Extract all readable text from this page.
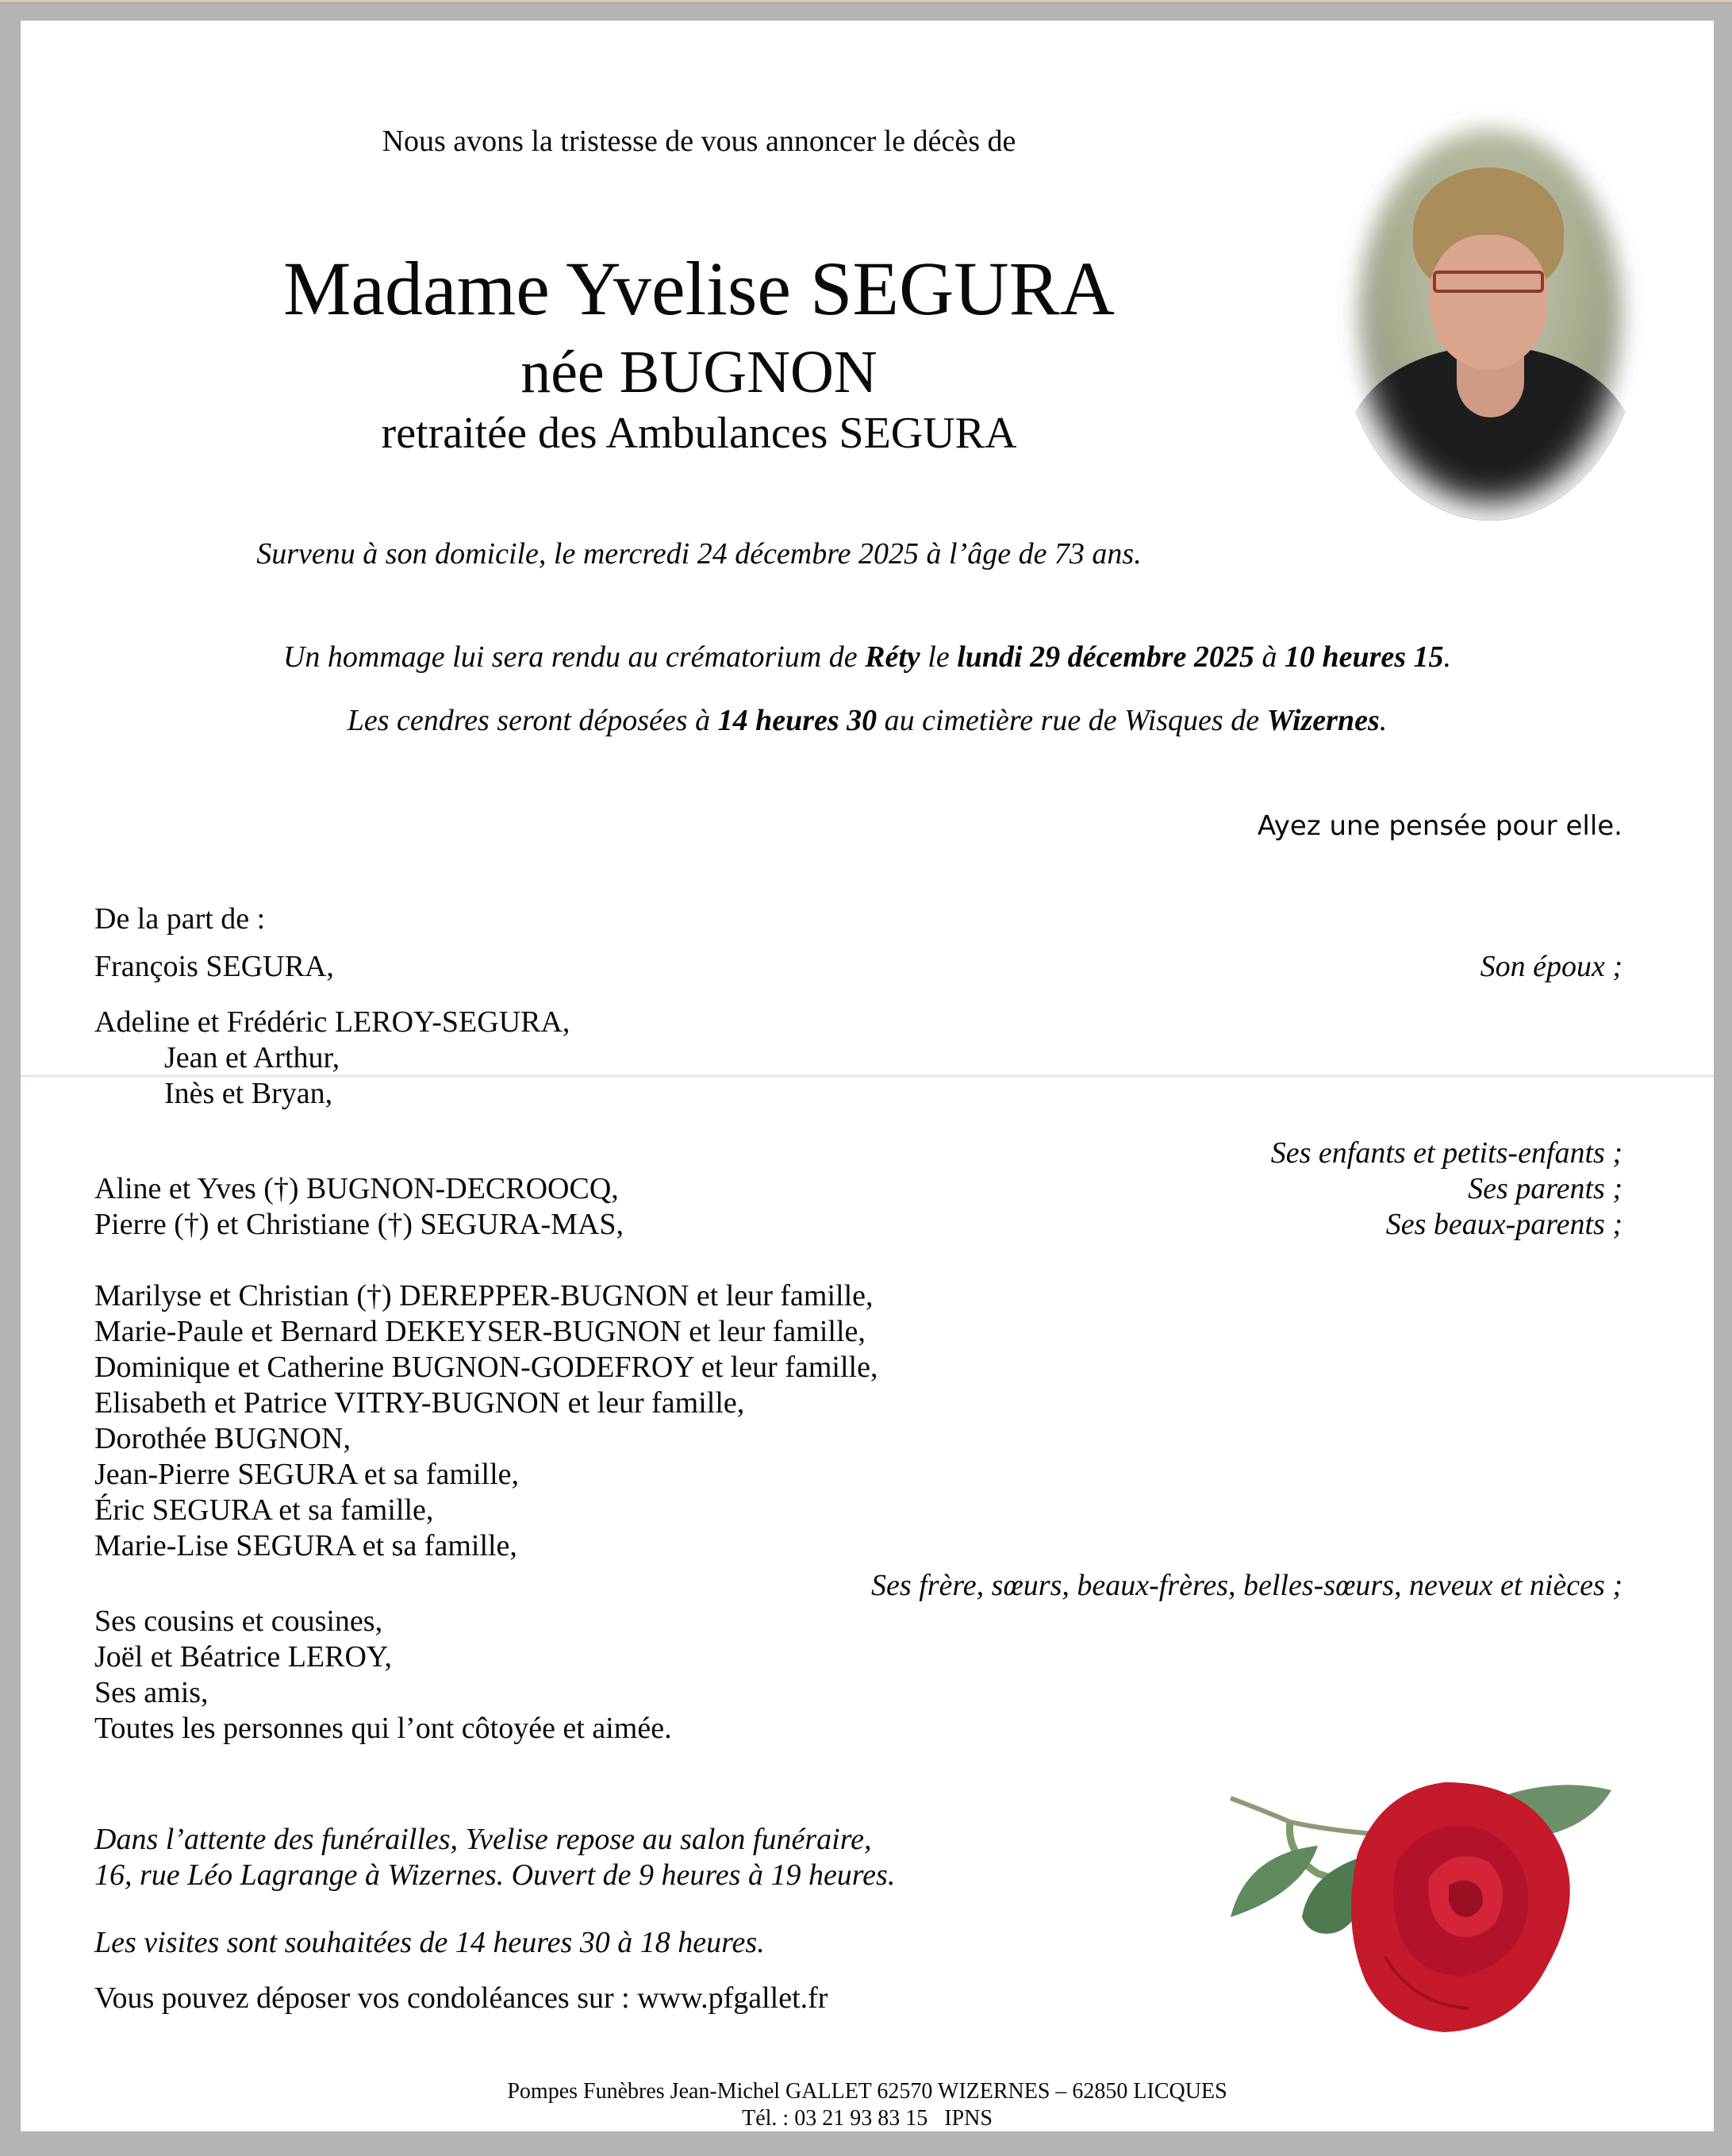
Nous avons la tristesse de vous annoncer le décès de
Madame Yvelise SEGURA
née BUGNON
retraitée des Ambulances SEGURA
Survenu à son domicile, le mercredi 24 décembre 2025 à l’âge de 73 ans.
Un hommage lui sera rendu au crématorium de Réty le lundi 29 décembre 2025 à 10 heures 15.
Les cendres seront déposées à 14 heures 30 au cimetière rue de Wisques de Wizernes.
Ayez une pensée pour elle.
De la part de :
François SEGURA,	Son époux ;
Adeline et Frédéric LEROY-SEGURA,
Jean et Arthur,
Inès et Bryan,
Ses enfants et petits-enfants ;
Aline et Yves (†) BUGNON-DECROOCQ,	Ses parents ;
Pierre (†) et Christiane (†) SEGURA-MAS,	Ses beaux-parents ;
Marilyse et Christian (†) DEREPPER-BUGNON et leur famille,
Marie-Paule et Bernard DEKEYSER-BUGNON et leur famille,
Dominique et Catherine BUGNON-GODEFROY et leur famille,
Elisabeth et Patrice VITRY-BUGNON et leur famille,
Dorothée BUGNON,
Jean-Pierre SEGURA et sa famille,
Éric SEGURA et sa famille,
Marie-Lise SEGURA et sa famille,
Ses frère, sœurs, beaux-frères, belles-sœurs, neveux et nièces ;
Ses cousins et cousines,
Joël et Béatrice LEROY,
Ses amis,
Toutes les personnes qui l’ont côtoyée et aimée.
Dans l’attente des funérailles, Yvelise repose au salon funéraire,
16, rue Léo Lagrange à Wizernes. Ouvert de 9 heures à 19 heures.
Les visites sont souhaitées de 14 heures 30 à 18 heures.
Vous pouvez déposer vos condoléances sur : www.pfgallet.fr
Pompes Funèbres Jean-Michel GALLET 62570 WIZERNES – 62850 LICQUES
Tél. : 03 21 93 83 15   IPNS
